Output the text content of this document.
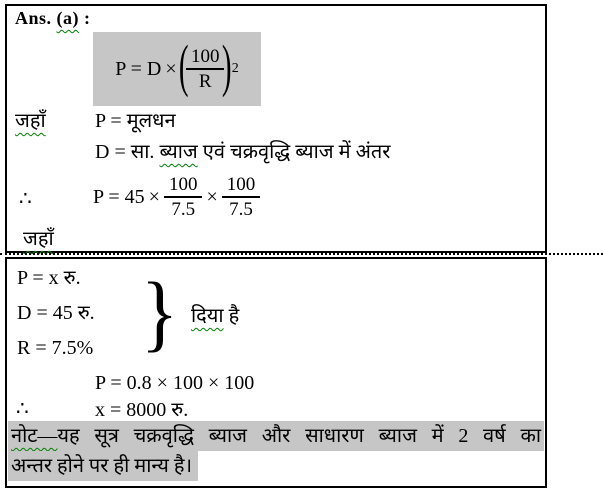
Ans. (a) :
P = D × (
$\frac{100}{R}$
) 2
जहाँ P = मूलधन
D = सा. ब्याज एवं चक्रवृद्धि ब्याज में अंतर
∴	$P = 45 \times \frac{100}{7.5} \times \frac{100}{7.5}$
जहाँ
P = x रु.
D = 45 रु.
R = 7.5% } दिया है
P = 0.8 × 100 × 100
∴	x = 8000 रु.
नोट—यह सूत्र चक्रवृद्धि ब्याज और साधारण ब्याज में 2 वर्ष का
अन्तर होने पर ही मान्य है।
